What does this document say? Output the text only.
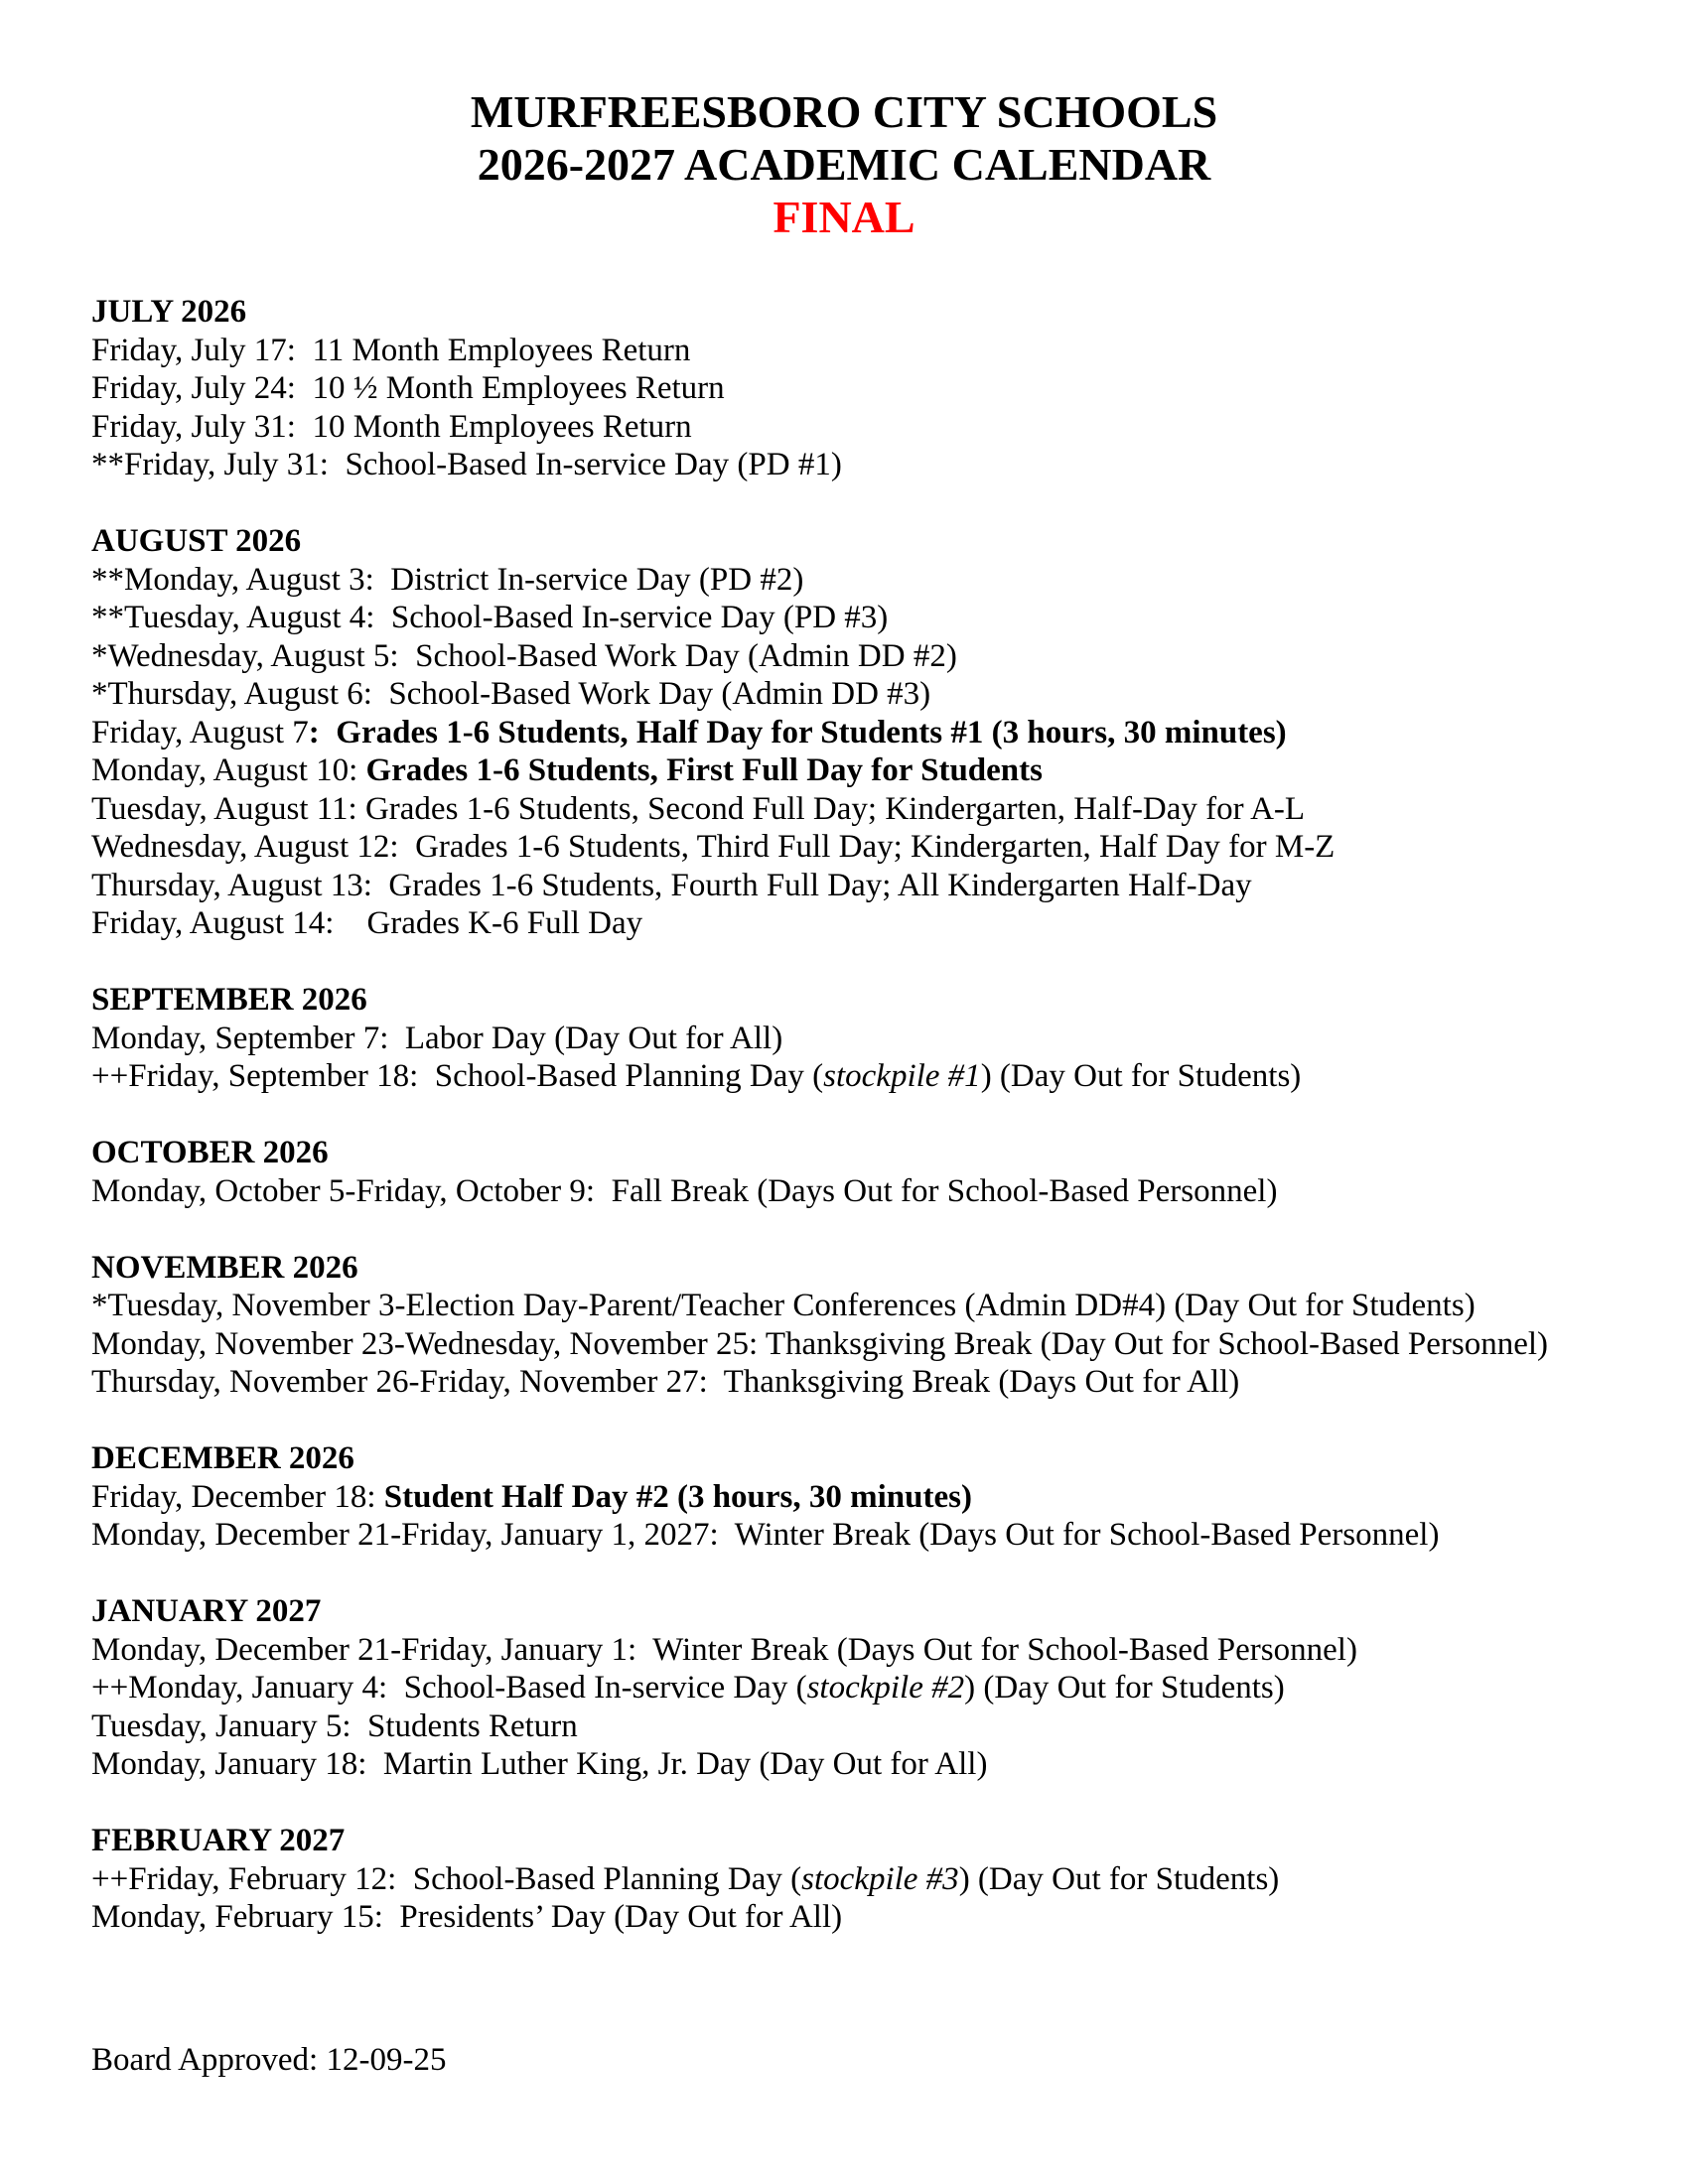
MURFREESBORO CITY SCHOOLS
2026-2027 ACADEMIC CALENDAR
FINAL
JULY 2026
Friday, July 17:  11 Month Employees Return
Friday, July 24:  10 ½ Month Employees Return
Friday, July 31:  10 Month Employees Return
**Friday, July 31:  School-Based In-service Day (PD #1)
AUGUST 2026
**Monday, August 3:  District In-service Day (PD #2)
**Tuesday, August 4:  School-Based In-service Day (PD #3)
*Wednesday, August 5:  School-Based Work Day (Admin DD #2)
*Thursday, August 6:  School-Based Work Day (Admin DD #3)
Friday, August 7:  Grades 1-6 Students, Half Day for Students #1 (3 hours, 30 minutes)
Monday, August 10: Grades 1-6 Students, First Full Day for Students
Tuesday, August 11: Grades 1-6 Students, Second Full Day; Kindergarten, Half-Day for A-L
Wednesday, August 12:  Grades 1-6 Students, Third Full Day; Kindergarten, Half Day for M-Z
Thursday, August 13:  Grades 1-6 Students, Fourth Full Day; All Kindergarten Half-Day
Friday, August 14:    Grades K-6 Full Day
SEPTEMBER 2026
Monday, September 7:  Labor Day (Day Out for All)
++Friday, September 18:  School-Based Planning Day (stockpile #1) (Day Out for Students)
OCTOBER 2026
Monday, October 5-Friday, October 9:  Fall Break (Days Out for School-Based Personnel)
NOVEMBER 2026
*Tuesday, November 3-Election Day-Parent/Teacher Conferences (Admin DD#4) (Day Out for Students)
Monday, November 23-Wednesday, November 25: Thanksgiving Break (Day Out for School-Based Personnel)
Thursday, November 26-Friday, November 27:  Thanksgiving Break (Days Out for All)
DECEMBER 2026
Friday, December 18: Student Half Day #2 (3 hours, 30 minutes)
Monday, December 21-Friday, January 1, 2027:  Winter Break (Days Out for School-Based Personnel)
JANUARY 2027
Monday, December 21-Friday, January 1:  Winter Break (Days Out for School-Based Personnel)
++Monday, January 4:  School-Based In-service Day (stockpile #2) (Day Out for Students)
Tuesday, January 5:  Students Return
Monday, January 18:  Martin Luther King, Jr. Day (Day Out for All)
FEBRUARY 2027
++Friday, February 12:  School-Based Planning Day (stockpile #3) (Day Out for Students)
Monday, February 15:  Presidents’ Day (Day Out for All)
Board Approved: 12-09-25
